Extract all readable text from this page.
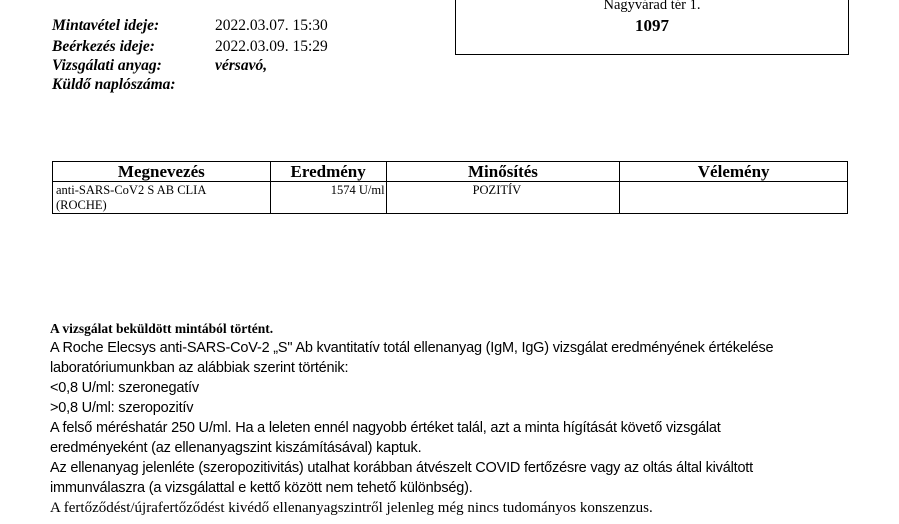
Mintavétel ideje:	2022.03.07. 15:30
Beérkezés ideje:	2022.03.09. 15:29
Vizsgálati anyag:	vérsavó,
Küldő naplószáma:
Nagyvárad tér 1.
1097
Megnevezés	Eredmény	Minősítés	Vélemény
anti-SARS-CoV2 S AB CLIA (ROCHE)	1574 U/ml	POZITÍV	
A vizsgálat beküldött mintából történt.
A Roche Elecsys anti-SARS-CoV-2 „S" Ab kvantitatív totál ellenanyag (IgM, IgG) vizsgálat eredményének értékelése
laboratóriumunkban az alábbiak szerint történik:
<0,8 U/ml: szeronegatív
>0,8 U/ml: szeropozitív
A felső méréshatár 250 U/ml. Ha a leleten ennél nagyobb értéket talál, azt a minta hígítását követő vizsgálat
eredményeként (az ellenanyagszint kiszámításával) kaptuk.
Az ellenanyag jelenléte (szeropozitivitás) utalhat korábban átvészelt COVID fertőzésre vagy az oltás által kiváltott
immunválaszra (a vizsgálattal e kettő között nem tehető különbség).
A fertőződést/újrafertőződést kivédő ellenanyagszintről jelenleg még nincs tudományos konszenzus.
